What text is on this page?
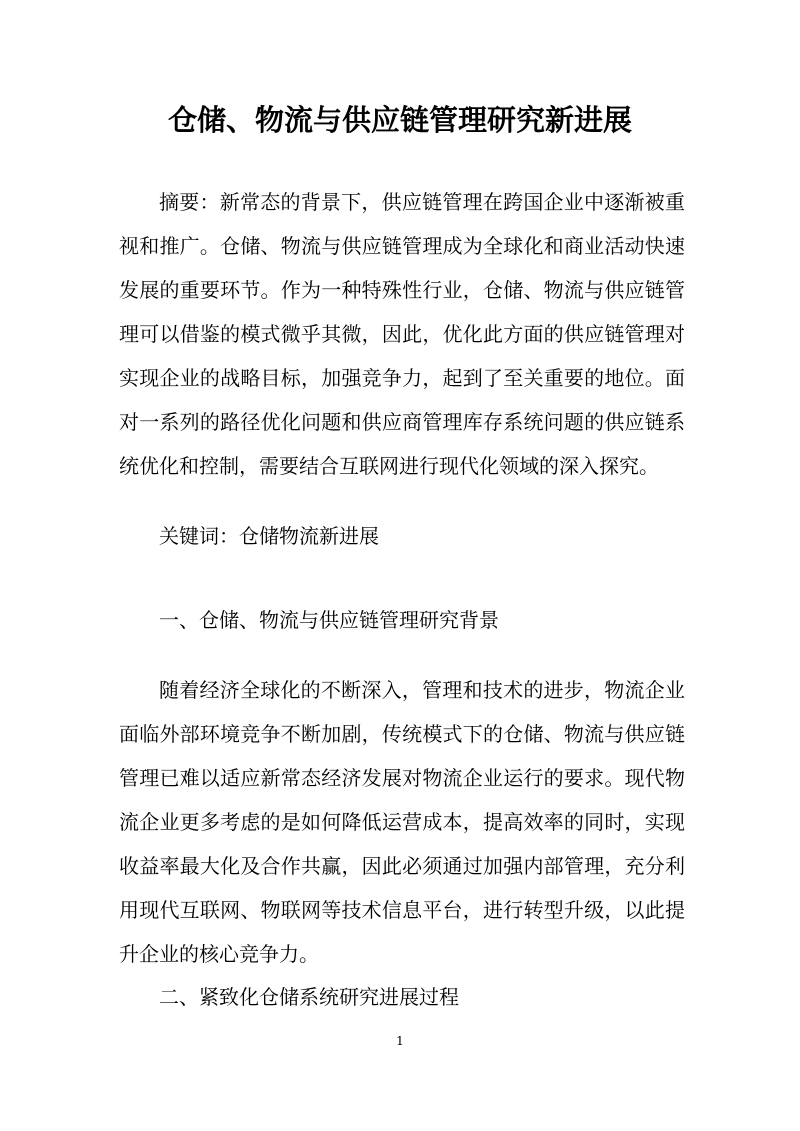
仓储、物流与供应链管理研究新进展
摘要：新常态的背景下，供应链管理在跨国企业中逐渐被重视和推广。仓储、物流与供应链管理成为全球化和商业活动快速发展的重要环节。作为一种特殊性行业，仓储、物流与供应链管理可以借鉴的模式微乎其微，因此，优化此方面的供应链管理对实现企业的战略目标，加强竞争力，起到了至关重要的地位。面对一系列的路径优化问题和供应商管理库存系统问题的供应链系统优化和控制，需要结合互联网进行现代化领域的深入探究。
关键词：仓储物流新进展
一、仓储、物流与供应链管理研究背景
随着经济全球化的不断深入，管理和技术的进步，物流企业面临外部环境竞争不断加剧，传统模式下的仓储、物流与供应链管理已难以适应新常态经济发展对物流企业运行的要求。现代物流企业更多考虑的是如何降低运营成本，提高效率的同时，实现收益率最大化及合作共赢，因此必须通过加强内部管理，充分利用现代互联网、物联网等技术信息平台，进行转型升级，以此提升企业的核心竞争力。
二、紧致化仓储系统研究进展过程
1
